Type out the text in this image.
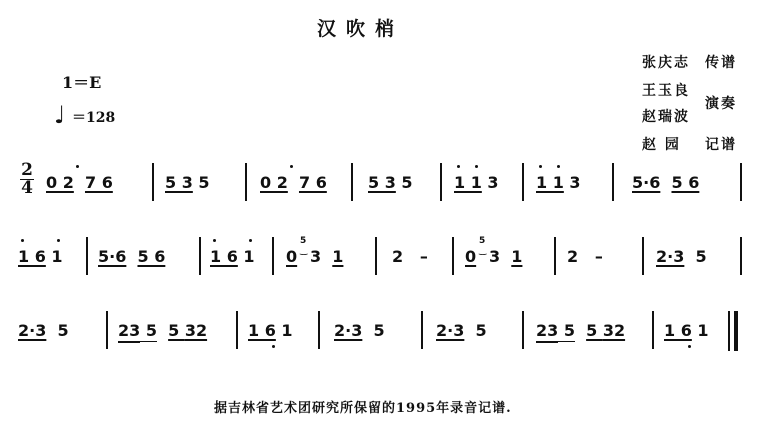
汉吹梢
张庆志 传谱
王玉良
赵瑞波
演奏
赵 园 记谱
1＝E
♩ ＝128
2
4 0 2 7 6	5 3 5	0 2 7 6	5 3 5	1 1 3 1 1 3	5·6 5 6
1 6 1 5·6 5 6	1 6 1 0
5
‿ 3  1	2   – 0
5
‿ 3  1	2   –	2·3  5
2·3  5	23 5 5 32	1 6 1	2·3  5	2·3  5	23 5 5 32 1 6 1
据吉林省艺术团研究所保留的1995年录音记谱.
